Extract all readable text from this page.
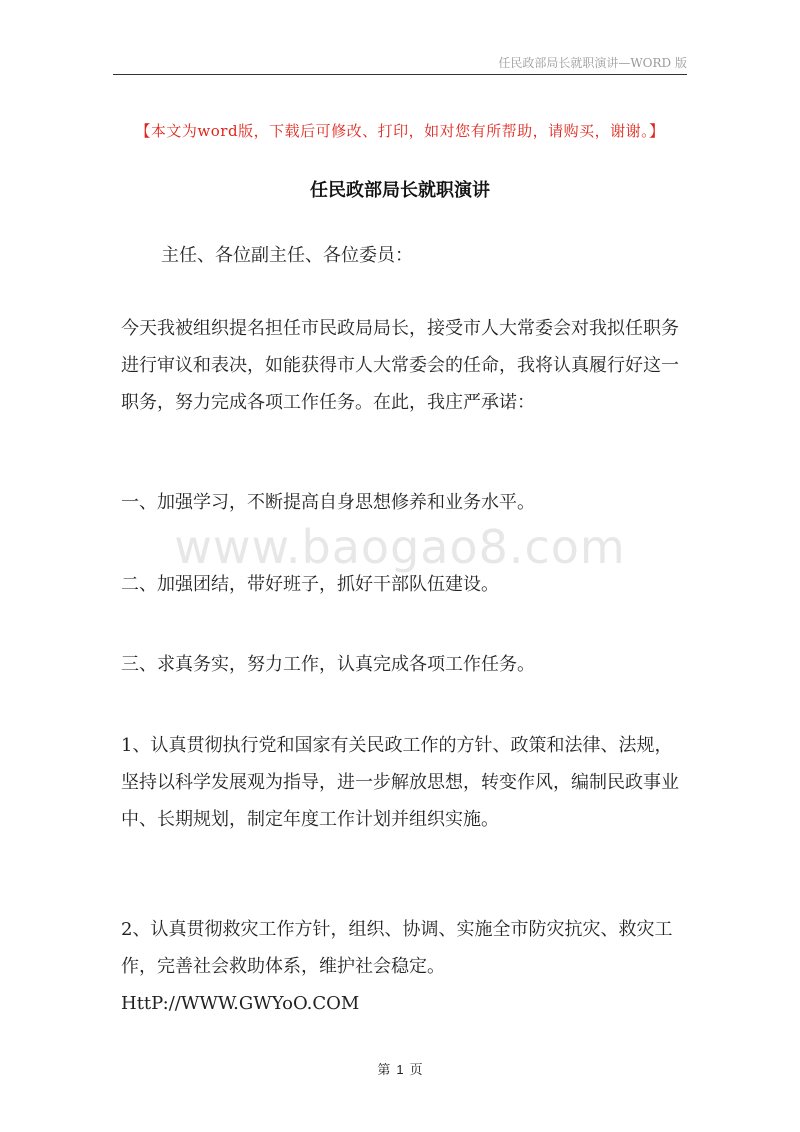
任民政部局长就职演讲—WORD 版
【本文为word版，下载后可修改、打印，如对您有所帮助，请购买，谢谢。】
任民政部局长就职演讲
www.baogao8.com
主任、各位副主任、各位委员：
今天我被组织提名担任市民政局局长，接受市人大常委会对我拟任职务进行审议和表决，如能获得市人大常委会的任命，我将认真履行好这一职务，努力完成各项工作任务。在此，我庄严承诺：
一、加强学习，不断提高自身思想修养和业务水平。
二、加强团结，带好班子，抓好干部队伍建设。
三、求真务实，努力工作，认真完成各项工作任务。
1、认真贯彻执行党和国家有关民政工作的方针、政策和法律、法规，坚持以科学发展观为指导，进一步解放思想，转变作风，编制民政事业中、长期规划，制定年度工作计划并组织实施。
2、认真贯彻救灾工作方针，组织、协调、实施全市防灾抗灾、救灾工作，完善社会救助体系，维护社会稳定。HttP://WWW.GWYoO.COM
第 1 页
